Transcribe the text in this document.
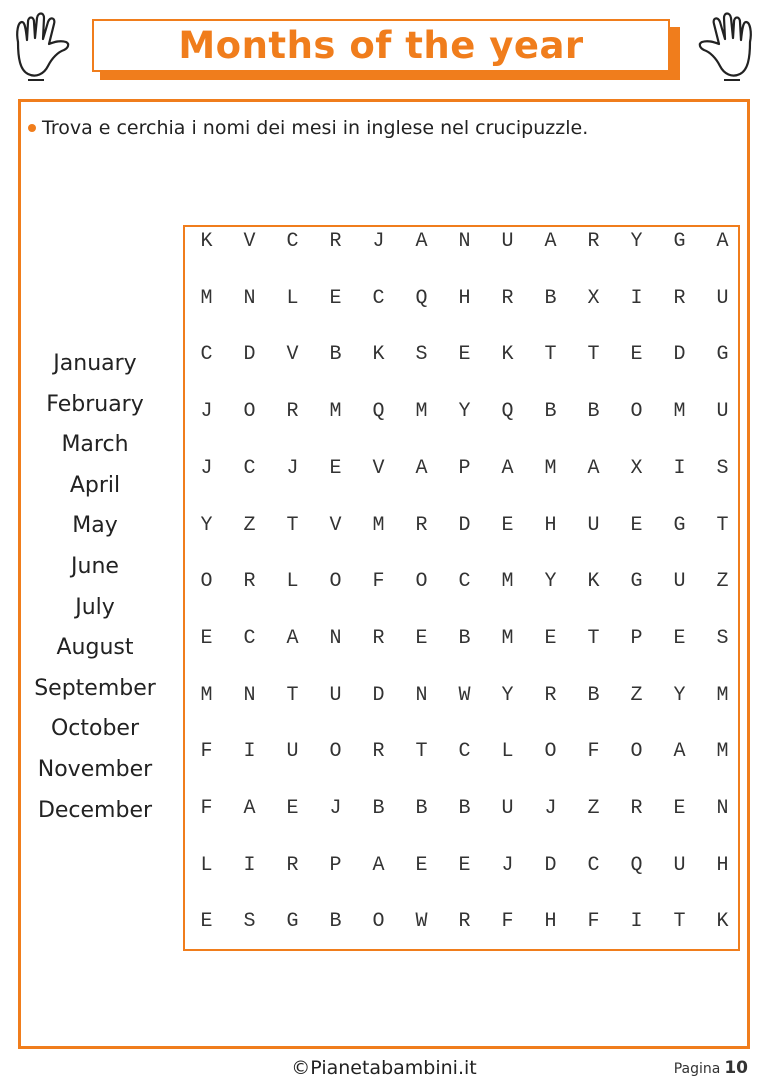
Months of the year
Trova e cerchia i nomi dei mesi in inglese nel crucipuzzle.
January
February
March
April
May
June
July
August
September
October
November
December
K	V	C	R	J	A	N	U	A	R	Y	G	A
M	N	L	E	C	Q	H	R	B	X	I	R	U
C	D	V	B	K	S	E	K	T	T	E	D	G
J	O	R	M	Q	M	Y	Q	B	B	O	M	U
J	C	J	E	V	A	P	A	M	A	X	I	S
Y	Z	T	V	M	R	D	E	H	U	E	G	T
O	R	L	O	F	O	C	M	Y	K	G	U	Z
E	C	A	N	R	E	B	M	E	T	P	E	S
M	N	T	U	D	N	W	Y	R	B	Z	Y	M
F	I	U	O	R	T	C	L	O	F	O	A	M
F	A	E	J	B	B	B	U	J	Z	R	E	N
L	I	R	P	A	E	E	J	D	C	Q	U	H
E	S	G	B	O	W	R	F	H	F	I	T	K
©Pianetabambini.it	Pagina 10
